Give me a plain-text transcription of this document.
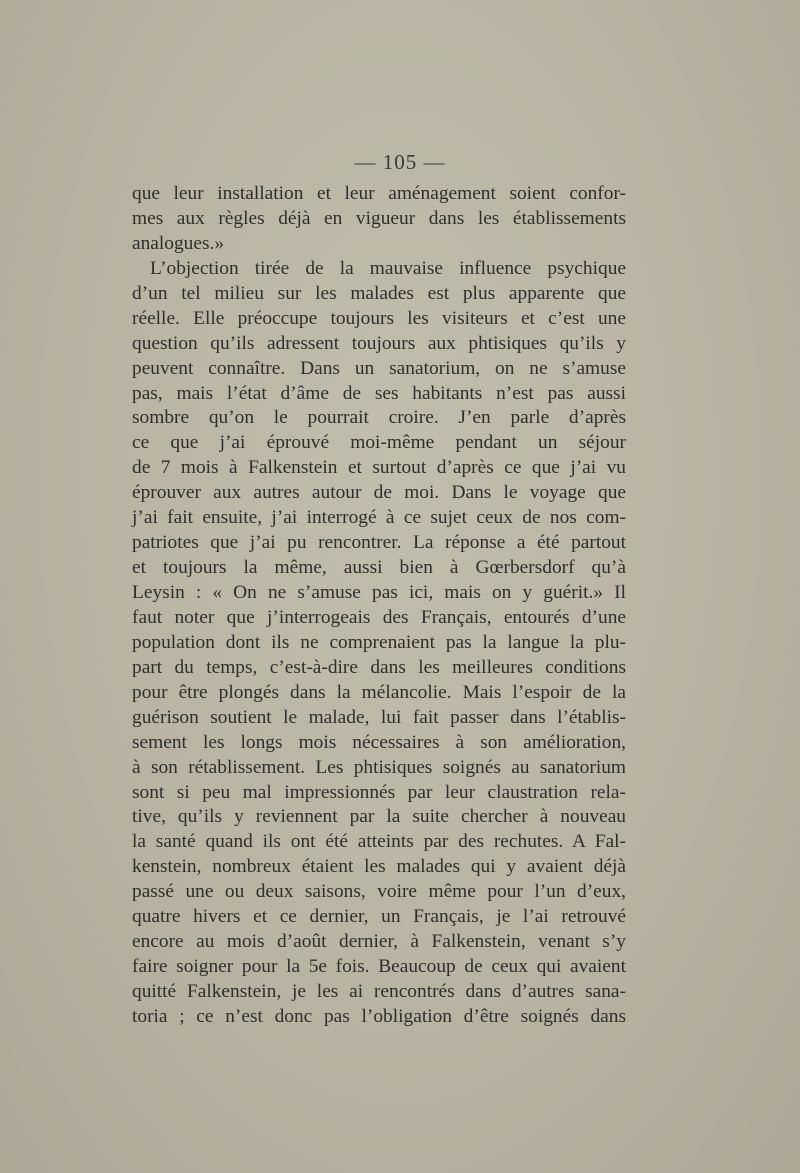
— 105 —
que leur installation et leur aménagement soient confor-
mes aux règles déjà en vigueur dans les établissements
analogues.»
L’objection tirée de la mauvaise influence psychique
d’un tel milieu sur les malades est plus apparente que
réelle. Elle préoccupe toujours les visiteurs et c’est une
question qu’ils adressent toujours aux phtisiques qu’ils y
peuvent connaître. Dans un sanatorium, on ne s’amuse
pas, mais l’état d’âme de ses habitants n’est pas aussi
sombre qu’on le pourrait croire. J’en parle d’après
ce que j’ai éprouvé moi-même pendant un séjour
de 7 mois à Falkenstein et surtout d’après ce que j’ai vu
éprouver aux autres autour de moi. Dans le voyage que
j’ai fait ensuite, j’ai interrogé à ce sujet ceux de nos com-
patriotes que j’ai pu rencontrer. La réponse a été partout
et toujours la même, aussi bien à Gœrbersdorf qu’à
Leysin : « On ne s’amuse pas ici, mais on y guérit.» Il
faut noter que j’interrogeais des Français, entourés d’une
population dont ils ne comprenaient pas la langue la plu-
part du temps, c’est-à-dire dans les meilleures conditions
pour être plongés dans la mélancolie. Mais l’espoir de la
guérison soutient le malade, lui fait passer dans l’établis-
sement les longs mois nécessaires à son amélioration,
à son rétablissement. Les phtisiques soignés au sanatorium
sont si peu mal impressionnés par leur claustration rela-
tive, qu’ils y reviennent par la suite chercher à nouveau
la santé quand ils ont été atteints par des rechutes. A Fal-
kenstein, nombreux étaient les malades qui y avaient déjà
passé une ou deux saisons, voire même pour l’un d’eux,
quatre hivers et ce dernier, un Français, je l’ai retrouvé
encore au mois d’août dernier, à Falkenstein, venant s’y
faire soigner pour la 5e fois. Beaucoup de ceux qui avaient
quitté Falkenstein, je les ai rencontrés dans d’autres sana-
toria ; ce n’est donc pas l’obligation d’être soignés dans
